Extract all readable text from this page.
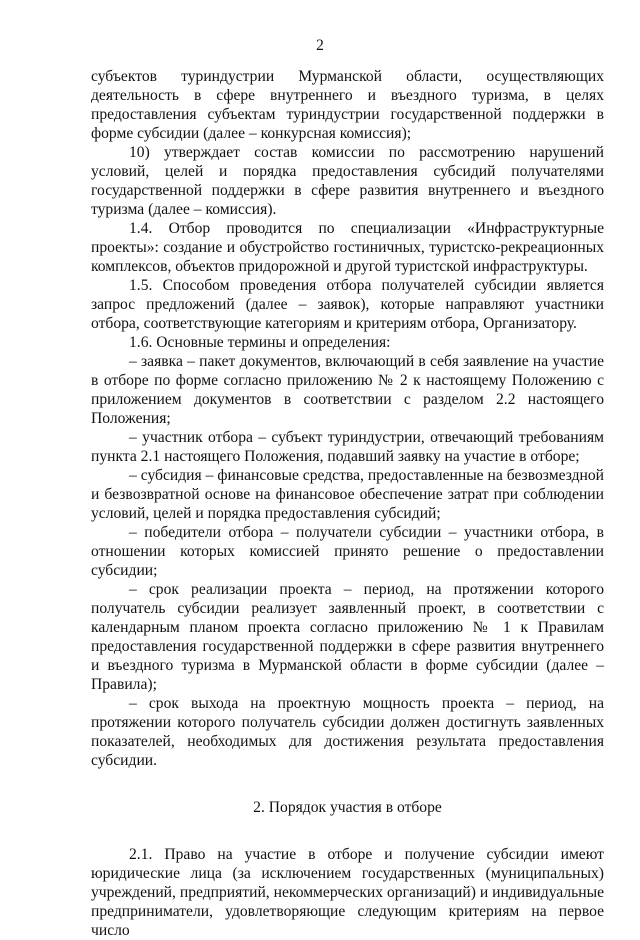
2

субъектов туриндустрии Мурманской области, осуществляющих деятельность в сфере внутреннего и въездного туризма, в целях предоставления субъектам туриндустрии государственной поддержки в форме субсидии (далее – конкурсная комиссия);

10) утверждает состав комиссии по рассмотрению нарушений условий, целей и порядка предоставления субсидий получателями государственной поддержки в сфере развития внутреннего и въездного туризма (далее – комиссия).

1.4. Отбор проводится по специализации «Инфраструктурные проекты»: создание и обустройство гостиничных, туристско-рекреационных комплексов, объектов придорожной и другой туристской инфраструктуры.

1.5. Способом проведения отбора получателей субсидии является запрос предложений (далее – заявок), которые направляют участники отбора, соответствующие категориям и критериям отбора, Организатору.

1.6. Основные термины и определения:

– заявка – пакет документов, включающий в себя заявление на участие в отборе по форме согласно приложению № 2 к настоящему Положению с приложением документов в соответствии с разделом 2.2 настоящего Положения;

– участник отбора – субъект туриндустрии, отвечающий требованиям пункта 2.1 настоящего Положения, подавший заявку на участие в отборе;

– субсидия – финансовые средства, предоставленные на безвозмездной и безвозвратной основе на финансовое обеспечение затрат при соблюдении условий, целей и порядка предоставления субсидий;

– победители отбора – получатели субсидии – участники отбора, в отношении которых комиссией принято решение о предоставлении субсидии;

– срок реализации проекта – период, на протяжении которого получатель субсидии реализует заявленный проект, в соответствии с календарным планом проекта согласно приложению № 1 к Правилам предоставления государственной поддержки в сфере развития внутреннего и въездного туризма в Мурманской области в форме субсидии (далее – Правила);

– срок выхода на проектную мощность проекта – период, на протяжении которого получатель субсидии должен достигнуть заявленных показателей, необходимых для достижения результата предоставления субсидии.

2. Порядок участия в отборе

2.1. Право на участие в отборе и получение субсидии имеют юридические лица (за исключением государственных (муниципальных) учреждений, предприятий, некоммерческих организаций) и индивидуальные предприниматели, удовлетворяющие следующим критериям на первое число
